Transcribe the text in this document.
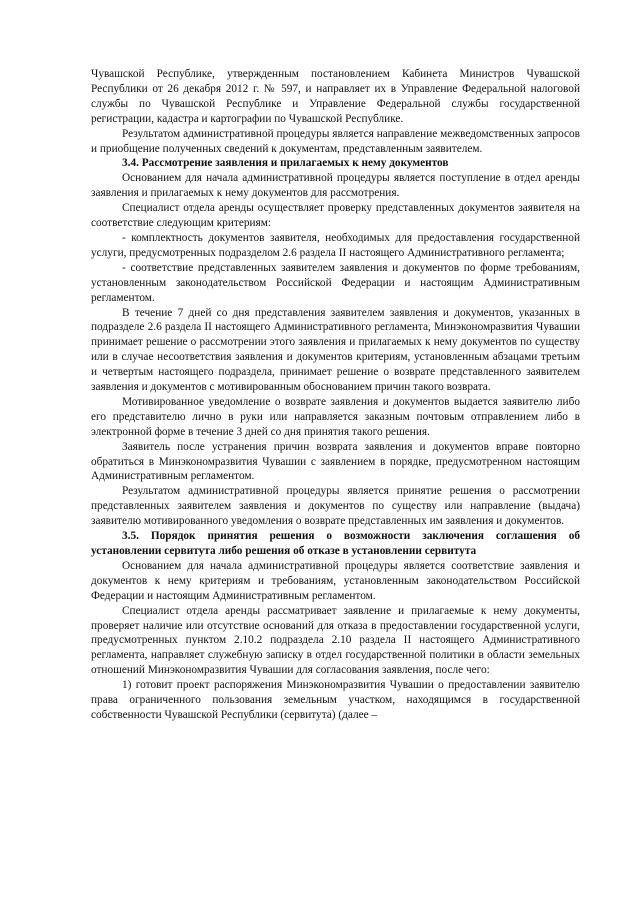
Чувашской Республике, утвержденным постановлением Кабинета Министров Чувашской Республики от 26 декабря 2012 г. № 597, и направляет их в Управление Федеральной налоговой службы по Чувашской Республике и Управление Федеральной службы государственной регистрации, кадастра и картографии по Чувашской Республике.

Результатом административной процедуры является направление межведомственных запросов и приобщение полученных сведений к документам, представленным заявителем.

3.4. Рассмотрение заявления и прилагаемых к нему документов

Основанием для начала административной процедуры является поступление в отдел аренды заявления и прилагаемых к нему документов для рассмотрения.

Специалист отдела аренды осуществляет проверку представленных документов заявителя на соответствие следующим критериям:

- комплектность документов заявителя, необходимых для предоставления государственной услуги, предусмотренных подразделом 2.6 раздела II настоящего Административного регламента;

- соответствие представленных заявителем заявления и документов по форме требованиям, установленным законодательством Российской Федерации и настоящим Административным регламентом.

В течение 7 дней со дня представления заявителем заявления и документов, указанных в подразделе 2.6 раздела II настоящего Административного регламента, Минэкономразвития Чувашии принимает решение о рассмотрении этого заявления и прилагаемых к нему документов по существу или в случае несоответствия заявления и документов критериям, установленным абзацами третьим и четвертым настоящего подраздела, принимает решение о возврате представленного заявителем заявления и документов с мотивированным обоснованием причин такого возврата.

Мотивированное уведомление о возврате заявления и документов выдается заявителю либо его представителю лично в руки или направляется заказным почтовым отправлением либо в электронной форме в течение 3 дней со дня принятия такого решения.

Заявитель после устранения причин возврата заявления и документов вправе повторно обратиться в Минэкономразвития Чувашии с заявлением в порядке, предусмотренном настоящим Административным регламентом.

Результатом административной процедуры является принятие решения о рассмотрении представленных заявителем заявления и документов по существу или направление (выдача) заявителю мотивированного уведомления о возврате представленных им заявления и документов.

3.5. Порядок принятия решения о возможности заключения соглашения об установлении сервитута либо решения об отказе в установлении сервитута

Основанием для начала административной процедуры является соответствие заявления и документов к нему критериям и требованиям, установленным законодательством Российской Федерации и настоящим Административным регламентом.

Специалист отдела аренды рассматривает заявление и прилагаемые к нему документы, проверяет наличие или отсутствие оснований для отказа в предоставлении государственной услуги, предусмотренных пунктом 2.10.2 подраздела 2.10 раздела II настоящего Административного регламента, направляет служебную записку в отдел государственной политики в области земельных отношений Минэкономразвития Чувашии для согласования заявления, после чего:

1) готовит проект распоряжения Минэкономразвития Чувашии о предоставлении заявителю права ограниченного пользования земельным участком, находящимся в государственной собственности Чувашской Республики (сервитута) (далее –
